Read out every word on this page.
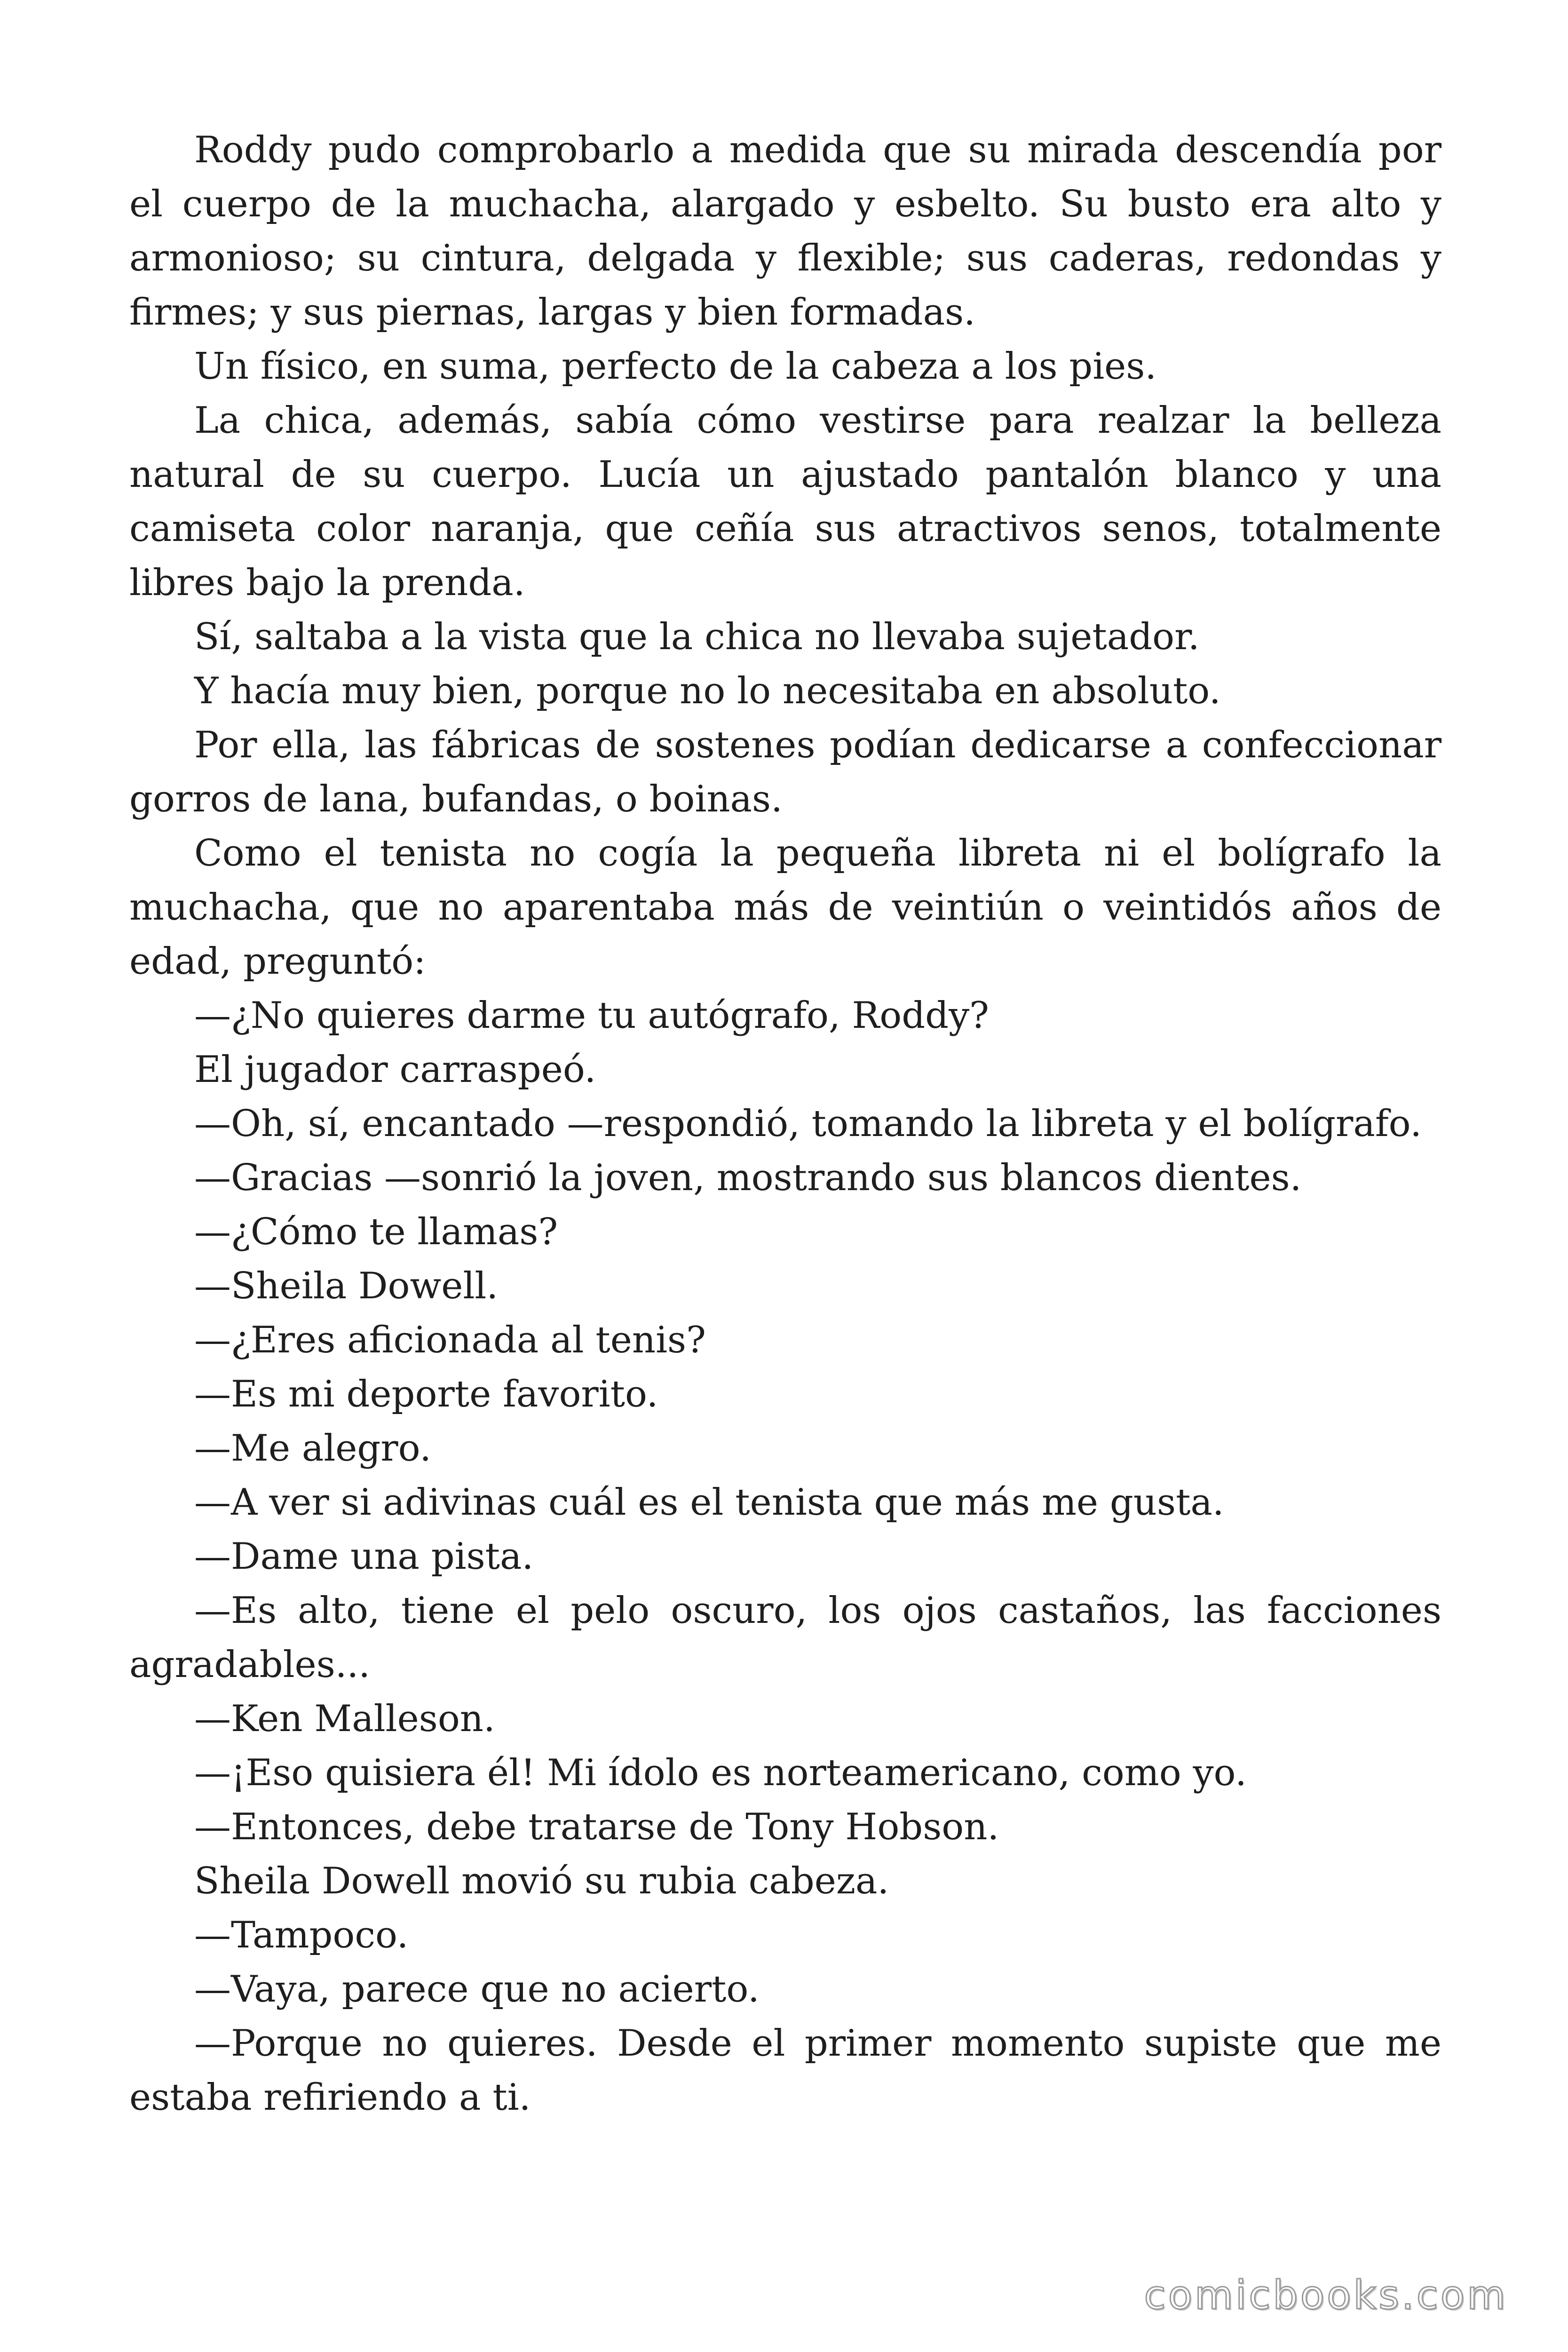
Roddy pudo comprobarlo a medida que su mirada descendía por el cuerpo de la muchacha, alargado y esbelto. Su busto era alto y armonioso; su cintura, delgada y flexible; sus caderas, redondas y firmes; y sus piernas, largas y bien formadas.

Un físico, en suma, perfecto de la cabeza a los pies.

La chica, además, sabía cómo vestirse para realzar la belleza natural de su cuerpo. Lucía un ajustado pantalón blanco y una camiseta color naranja, que ceñía sus atractivos senos, totalmente libres bajo la prenda.

Sí, saltaba a la vista que la chica no llevaba sujetador.

Y hacía muy bien, porque no lo necesitaba en absoluto.

Por ella, las fábricas de sostenes podían dedicarse a confeccionar gorros de lana, bufandas, o boinas.

Como el tenista no cogía la pequeña libreta ni el bolígrafo la muchacha, que no aparentaba más de veintiún o veintidós años de edad, preguntó:

—¿No quieres darme tu autógrafo, Roddy?

El jugador carraspeó.

—Oh, sí, encantado —respondió, tomando la libreta y el bolígrafo.

—Gracias —sonrió la joven, mostrando sus blancos dientes.

—¿Cómo te llamas?

—Sheila Dowell.

—¿Eres aficionada al tenis?

—Es mi deporte favorito.

—Me alegro.

—A ver si adivinas cuál es el tenista que más me gusta.

—Dame una pista.

—Es alto, tiene el pelo oscuro, los ojos castaños, las facciones agradables...

—Ken Malleson.

—¡Eso quisiera él! Mi ídolo es norteamericano, como yo.

—Entonces, debe tratarse de Tony Hobson.

Sheila Dowell movió su rubia cabeza.

—Tampoco.

—Vaya, parece que no acierto.

—Porque no quieres. Desde el primer momento supiste que me estaba refiriendo a ti.

comicbooks.com
